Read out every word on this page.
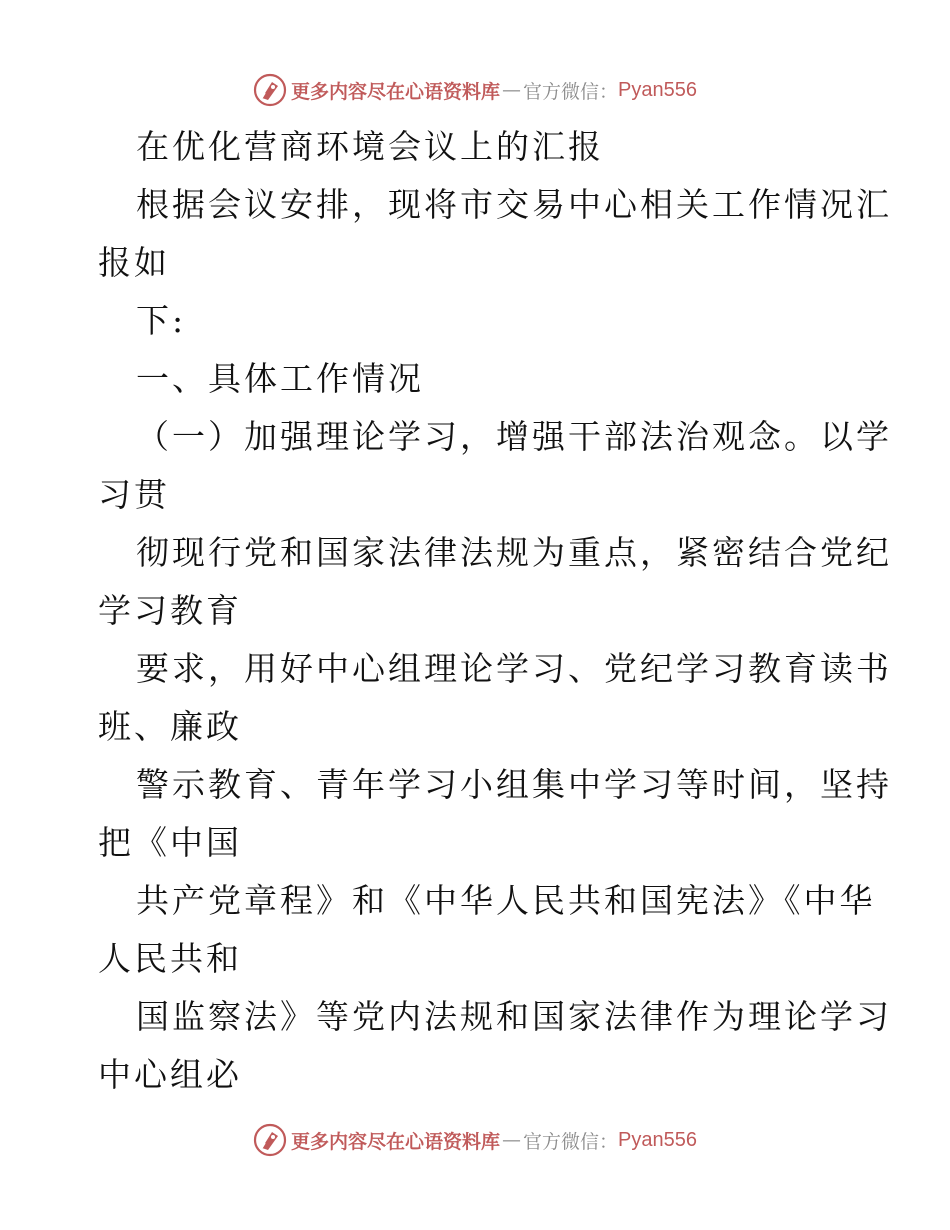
更多内容尽在心语资料库 — 官方微信： Pyan556
在优化营商环境会议上的汇报
根据会议安排，现将市交易中心相关工作情况汇
报如
下:
一、具体工作情况
（一）加强理论学习，增强干部法治观念。以学
习贯
彻现行党和国家法律法规为重点，紧密结合党纪
学习教育
要求，用好中心组理论学习、党纪学习教育读书
班、廉政
警示教育、青年学习小组集中学习等时间，坚持
把《中国
共产党章程》和《中华人民共和国宪法》《中华
人民共和
国监察法》等党内法规和国家法律作为理论学习
中心组必
更多内容尽在心语资料库 — 官方微信： Pyan556
